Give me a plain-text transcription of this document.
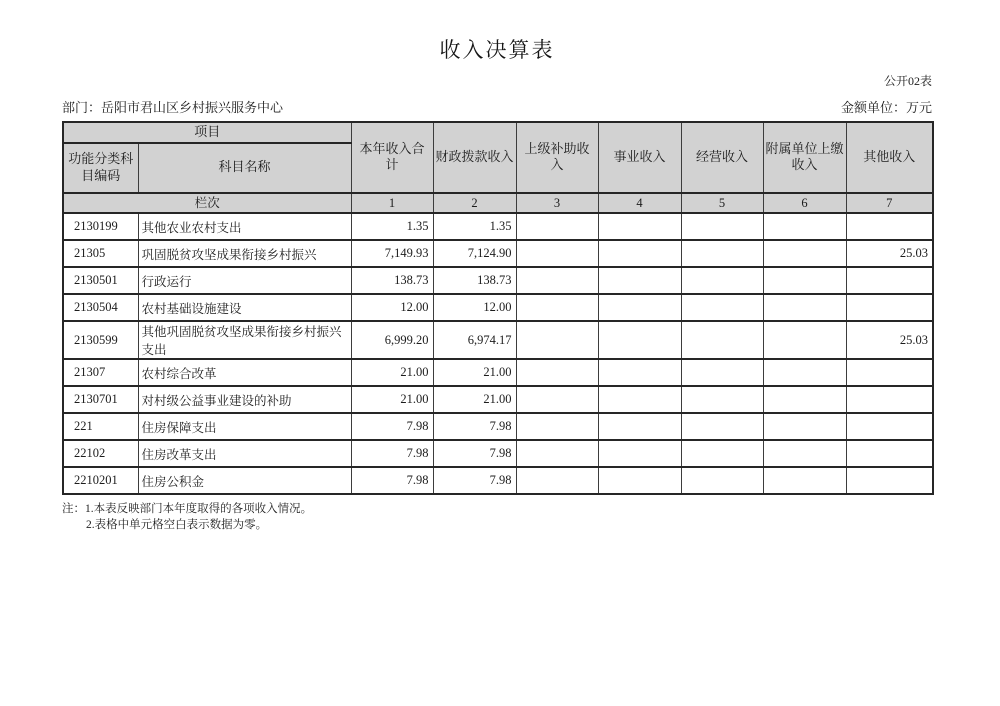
收入决算表
公开02表
部门：岳阳市君山区乡村振兴服务中心	金额单位：万元
项目		本年收入合计	财政拨款收入	上级补助收入	事业收入	经营收入	附属单位上缴收入	其他收入
功能分类科目编码	科目名称							
栏次		1	2	3	4	5	6	7
2130199	其他农业农村支出	1.35	1.35					
21305	巩固脱贫攻坚成果衔接乡村振兴	7,149.93	7,124.90					25.03
2130501	行政运行	138.73	138.73					
2130504	农村基础设施建设	12.00	12.00					
2130599	其他巩固脱贫攻坚成果衔接乡村振兴支出	6,999.20	6,974.17					25.03
21307	农村综合改革	21.00	21.00					
2130701	对村级公益事业建设的补助	21.00	21.00					
221	住房保障支出	7.98	7.98					
22102	住房改革支出	7.98	7.98					
2210201	住房公积金	7.98	7.98					
注：1.本表反映部门本年度取得的各项收入情况。
2.表格中单元格空白表示数据为零。
